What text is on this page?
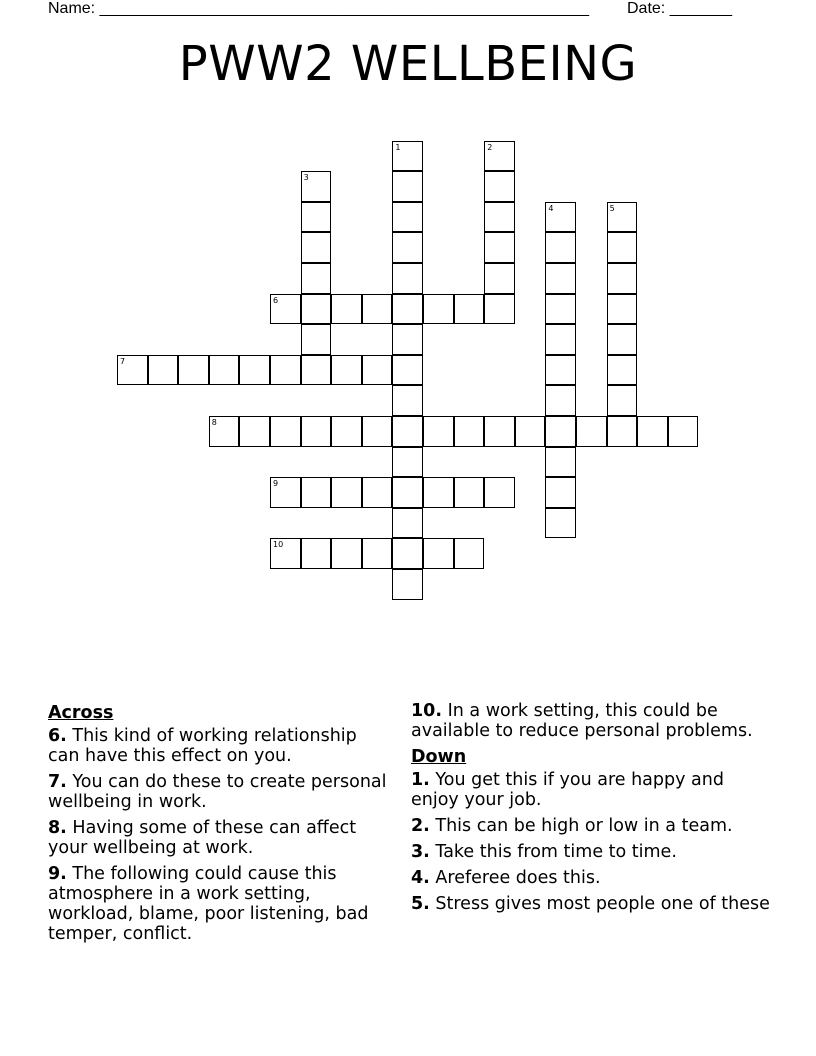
Name: _______________________________________________________ Date: _______
PWW2 WELLBEING
1	2
3
4	5
6
7
8
9
10
Across
6. This kind of working relationship can have this effect on you.
7. You can do these to create personal wellbeing in work.
8. Having some of these can affect your wellbeing at work.
9. The following could cause this atmosphere in a work setting, workload, blame, poor listening, bad temper, conflict.
10. In a work setting, this could be available to reduce personal problems.
Down
1. You get this if you are happy and enjoy your job.
2. This can be high or low in a team.
3. Take this from time to time.
4. Areferee does this.
5. Stress gives most people one of these
